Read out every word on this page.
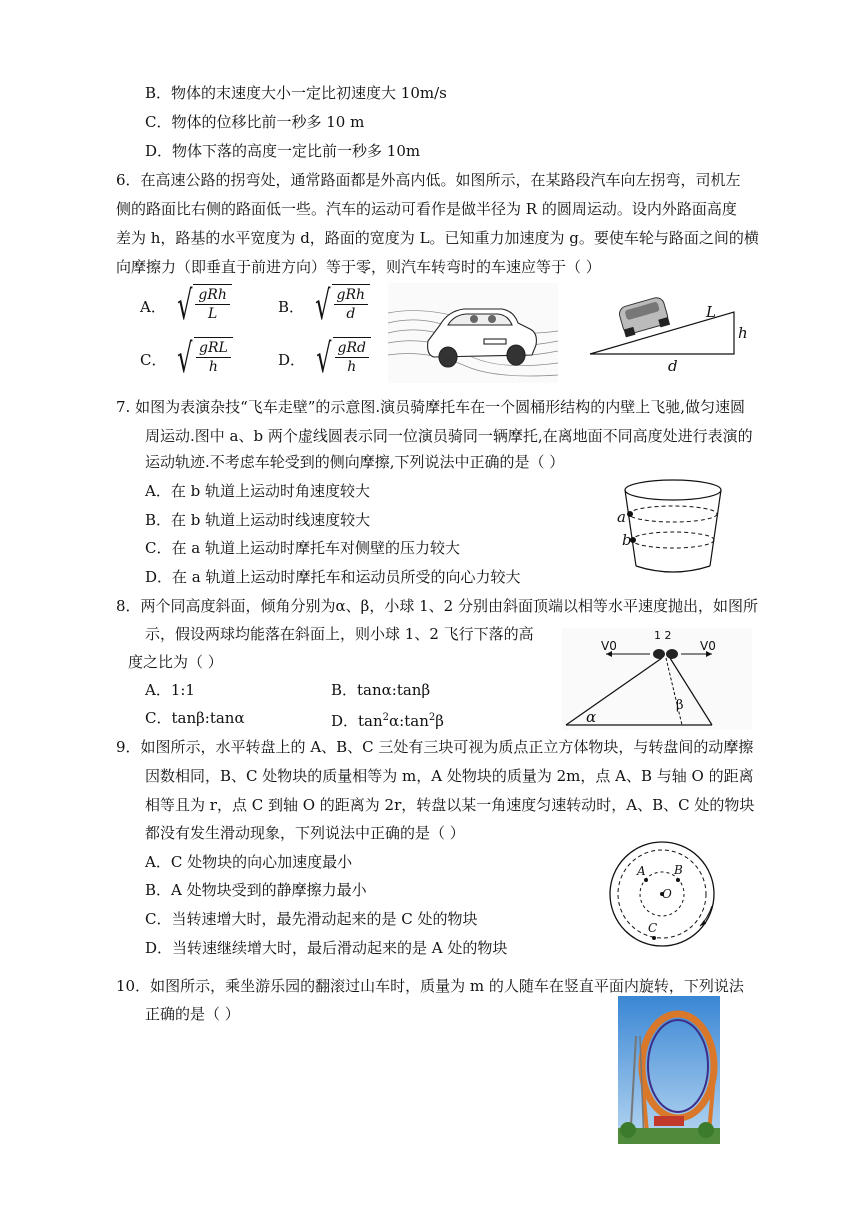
B．物体的末速度大小一定比初速度大 10m/s
C．物体的位移比前一秒多 10 m
D．物体下落的高度一定比前一秒多 10m
6．在高速公路的拐弯处，通常路面都是外高内低。如图所示，在某路段汽车向左拐弯，司机左
侧的路面比右侧的路面低一些。汽车的运动可看作是做半径为 R 的圆周运动。设内外路面高度
差为 h，路基的水平宽度为 d，路面的宽度为 L。已知重力加速度为 g。要使车轮与路面之间的横
向摩擦力（即垂直于前进方向）等于零，则汽车转弯时的车速应等于（ ）
A． √ $\frac{\text{gRh}}{L}$	B． √ $\frac{\text{gRh}}{d}$
C． √ $\frac{\text{gRL}}{h}$	D． √ $\frac{\text{gRd}}{h}$
L
h
d
7. 如图为表演杂技“飞车走壁”的示意图.演员骑摩托车在一个圆桶形结构的内壁上飞驰,做匀速圆
周运动.图中 a、b 两个虚线圆表示同一位演员骑同一辆摩托,在离地面不同高度处进行表演的
运动轨迹.不考虑车轮受到的侧向摩擦,下列说法中正确的是（ ）
A．在 b 轨道上运动时角速度较大
B．在 b 轨道上运动时线速度较大
C．在 a 轨道上运动时摩托车对侧壁的压力较大
D．在 a 轨道上运动时摩托车和运动员所受的向心力较大
a
b
8．两个同高度斜面，倾角分别为α、β，小球 1、2 分别由斜面顶端以相等水平速度抛出，如图所
示，假设两球均能落在斜面上，则小球 1、2 飞行下落的高
度之比为（ ）
A．1:1	B．tanα:tanβ
C．tanβ:tanα	D．$\tan^2\alpha:\tan^2\beta$
1 2
V0	V0
α
β
9．如图所示，水平转盘上的 A、B、C 三处有三块可视为质点正立方体物块，与转盘间的动摩擦
因数相同，B、C 处物块的质量相等为 m，A 处物块的质量为 2m，点 A、B 与轴 O 的距离
相等且为 r，点 C 到轴 O 的距离为 2r，转盘以某一角速度匀速转动时，A、B、C 处的物块
都没有发生滑动现象，下列说法中正确的是（ ）
A．C 处物块的向心加速度最小
B．A 处物块受到的静摩擦力最小
C．当转速增大时，最先滑动起来的是 C 处的物块
D．当转速继续增大时，最后滑动起来的是 A 处的物块
A B
O
C
10．如图所示，乘坐游乐园的翻滚过山车时，质量为 m 的人随车在竖直平面内旋转，下列说法
正确的是（ ）
